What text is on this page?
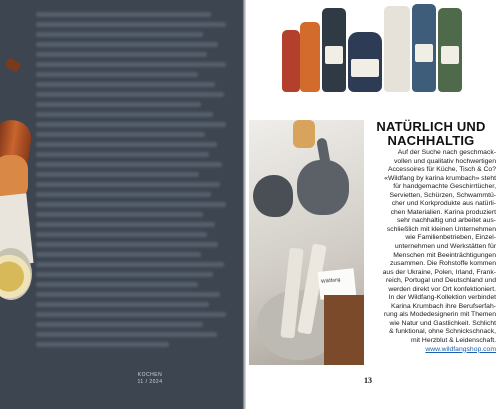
KOCHEN
11 / 2024
Wildfang
NATÜRLICH UND
NACHHALTIG
Auf der Suche nach geschmack-
vollen und qualitativ hochwertigen
Accessoires für Küche, Tisch & Co?
«Wildfang by karina krumbach» steht
für handgemachte Geschirrtücher,
Servietten, Schürzen, Schwammtü-
cher und Korkprodukte aus natürli-
chen Materialien. Karina produziert
sehr nachhaltig und arbeitet aus-
schließlich mit kleinen Unternehmen
wie Familienbetrieben, Einzel-
unternehmen und Werkstätten für
Menschen mit Beeinträchtigungen
zusammen. Die Rohstoffe kommen
aus der Ukraine, Polen, Irland, Frank-
reich, Portugal und Deutschland und
werden direkt vor Ort konfektioniert.
In der Wildfang-Kollektion verbindet
Karina Krumbach ihre Berufserfah-
rung als Modedesignerin mit Themen
wie Natur und Gastlichkeit. Schlicht
& funktional, ohne Schnickschnack,
mit Herzblut & Leidenschaft.
www.wildfangshop.com
13
